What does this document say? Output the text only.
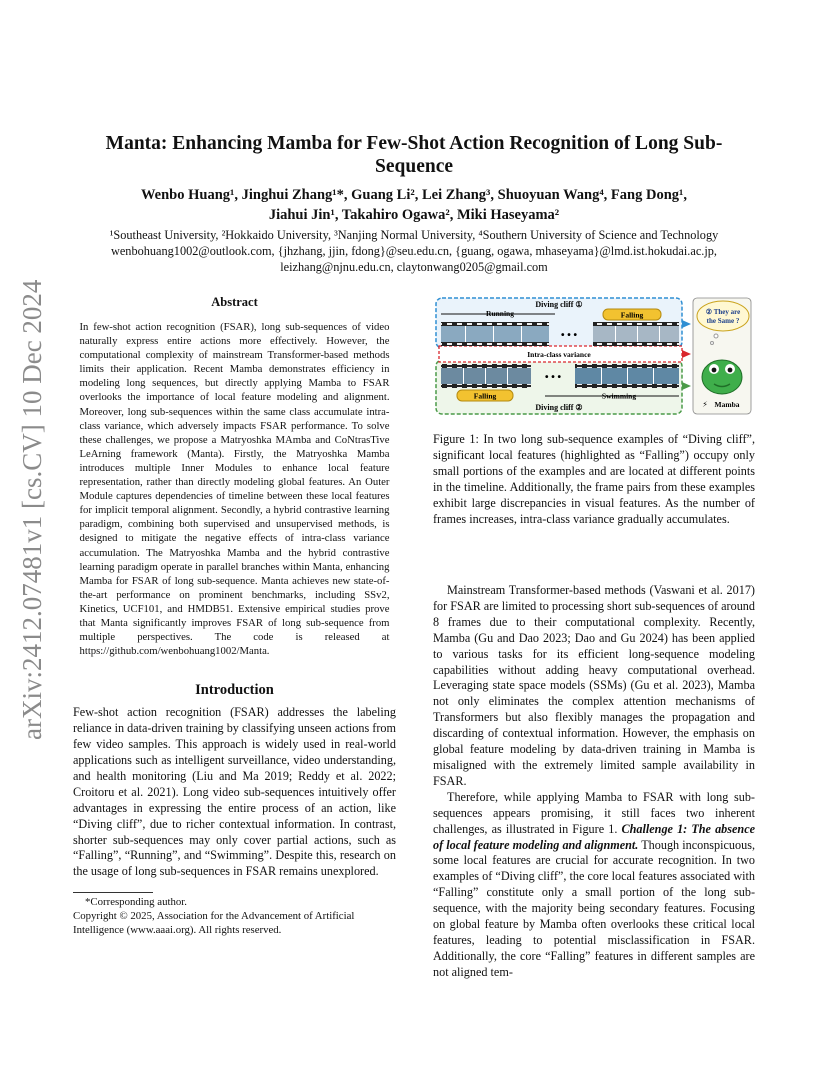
arXiv:2412.07481v1 [cs.CV] 10 Dec 2024
Manta: Enhancing Mamba for Few-Shot Action Recognition of Long Sub-Sequence
Wenbo Huang¹, Jinghui Zhang¹*, Guang Li², Lei Zhang³, Shuoyuan Wang⁴, Fang Dong¹,
Jiahui Jin¹, Takahiro Ogawa², Miki Haseyama²
¹Southeast University, ²Hokkaido University, ³Nanjing Normal University, ⁴Southern University of Science and Technology
wenbohuang1002@outlook.com, {jhzhang, jjin, fdong}@seu.edu.cn, {guang, ogawa, mhaseyama}@lmd.ist.hokudai.ac.jp,
leizhang@njnu.edu.cn, claytonwang0205@gmail.com
Abstract

In few-shot action recognition (FSAR), long sub-sequences of video naturally express entire actions more effectively. However, the computational complexity of mainstream Transformer-based methods limits their application. Recent Mamba demonstrates efficiency in modeling long sequences, but directly applying Mamba to FSAR overlooks the importance of local feature modeling and alignment. Moreover, long sub-sequences within the same class accumulate intra-class variance, which adversely impacts FSAR performance. To solve these challenges, we propose a Matryoshka MAmba and CoNtrasTive LeArning framework (Manta). Firstly, the Matryoshka Mamba introduces multiple Inner Modules to enhance local feature representation, rather than directly modeling global features. An Outer Module captures dependencies of timeline between these local features for implicit temporal alignment. Secondly, a hybrid contrastive learning paradigm, combining both supervised and unsupervised methods, is designed to mitigate the negative effects of intra-class variance accumulation. The Matryoshka Mamba and the hybrid contrastive learning paradigm operate in parallel branches within Manta, enhancing Mamba for FSAR of long sub-sequence. Manta achieves new state-of-the-art performance on prominent benchmarks, including SSv2, Kinetics, UCF101, and HMDB51. Extensive empirical studies prove that Manta significantly improves FSAR of long sub-sequence from multiple perspectives. The code is released at https://github.com/wenbohuang1002/Manta.

Introduction

Few-shot action recognition (FSAR) addresses the labeling reliance in data-driven training by classifying unseen actions from few video samples. This approach is widely used in real-world applications such as intelligent surveillance, video understanding, and health monitoring (Liu and Ma 2019; Reddy et al. 2022; Croitoru et al. 2021). Long video sub-sequences intuitively offer advantages in expressing the entire process of an action, like “Diving cliff”, due to richer contextual information. In contrast, shorter sub-sequences may only cover partial actions, such as “Falling”, “Running”, and “Swimming”. Despite this, research on the usage of long sub-sequences in FSAR remains unexplored.

*Corresponding author.
Copyright © 2025, Association for the Advancement of Artificial Intelligence (www.aaai.org). All rights reserved.
Diving cliff ①
Running	Falling
• • •
Intra-class variance
• • •
Falling	Swimming
Diving cliff ②
② They are
the Same ?
Mamba
⚡
Figure 1: In two long sub-sequence examples of “Diving cliff”, significant local features (highlighted as “Falling”) occupy only small portions of the examples and are located at different points in the timeline. Additionally, the frame pairs from these examples exhibit large discrepancies in visual features. As the number of frames increases, intra-class variance gradually accumulates.

Mainstream Transformer-based methods (Vaswani et al. 2017) for FSAR are limited to processing short sub-sequences of around 8 frames due to their computational complexity. Recently, Mamba (Gu and Dao 2023; Dao and Gu 2024) has been applied to various tasks for its efficient long-sequence modeling capabilities without adding heavy computational overhead. Leveraging state space models (SSMs) (Gu et al. 2023), Mamba not only eliminates the complex attention mechanisms of Transformers but also flexibly manages the propagation and discarding of contextual information. However, the emphasis on global feature modeling by data-driven training in Mamba is misaligned with the extremely limited sample availability in FSAR.

Therefore, while applying Mamba to FSAR with long sub-sequences appears promising, it still faces two inherent challenges, as illustrated in Figure 1. Challenge 1: The absence of local feature modeling and alignment. Though inconspicuous, some local features are crucial for accurate recognition. In two examples of “Diving cliff”, the core local features associated with “Falling” constitute only a small portion of the long sub-sequence, with the majority being secondary features. Focusing on global feature by Mamba often overlooks these critical local features, leading to potential misclassification in FSAR. Additionally, the core “Falling” features in different samples are not aligned tem-
